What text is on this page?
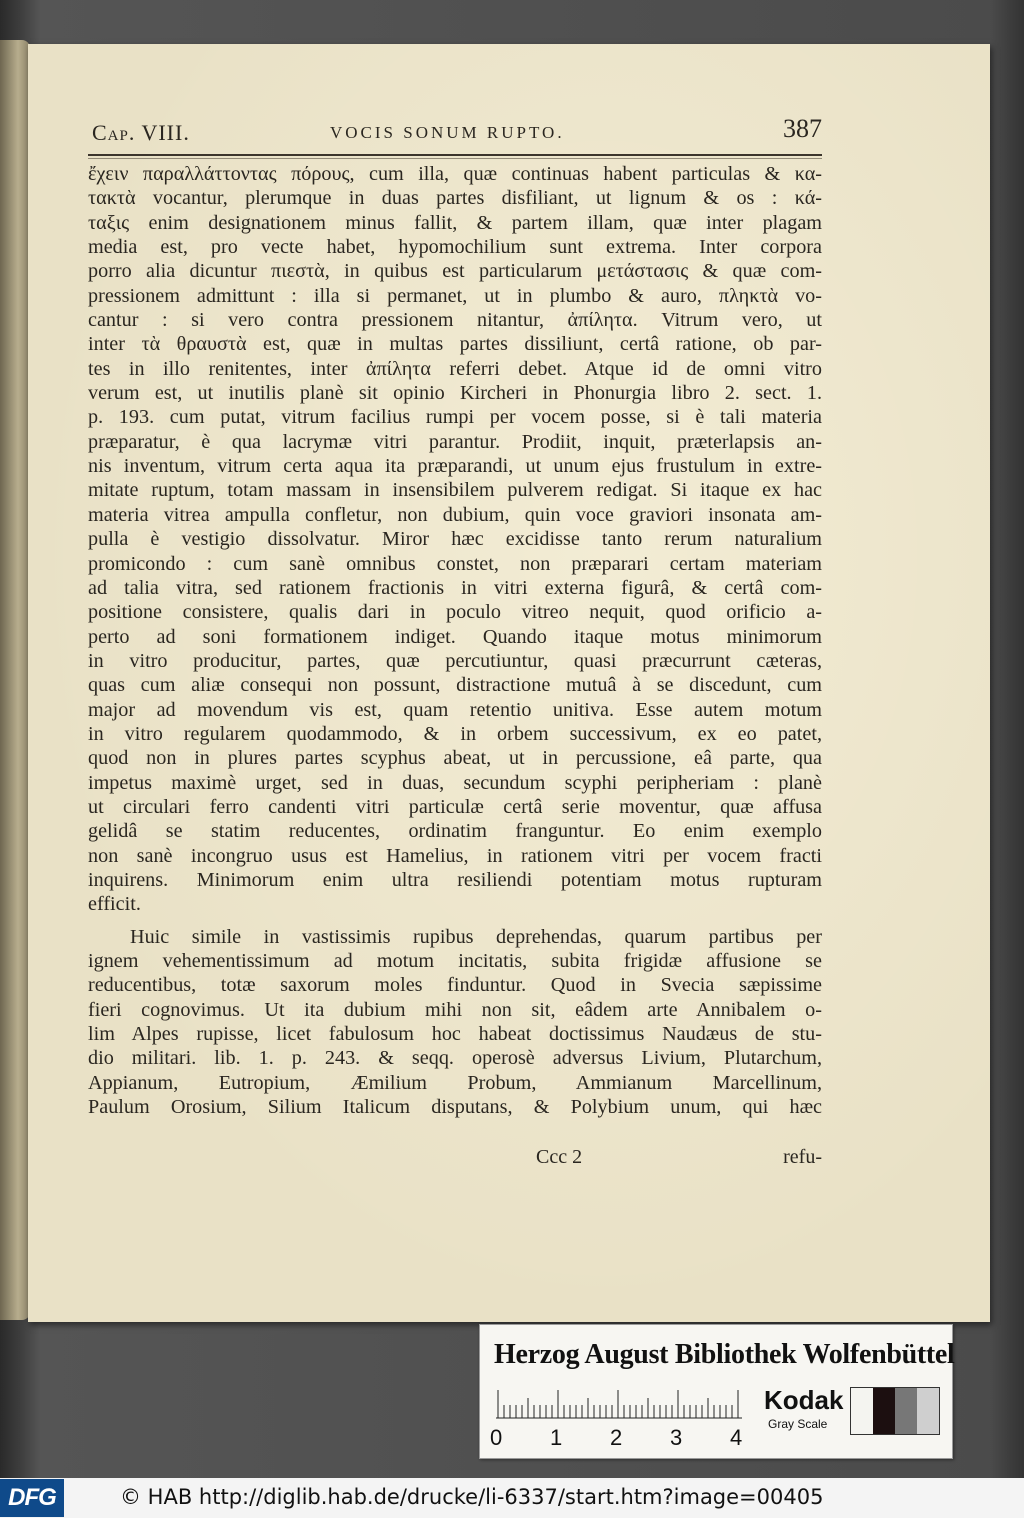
Cap. VIII.	VOCIS SONUM RUPTO.	387
ἔχειν παραλλάττοντας πόρους, cum illa, quæ continuas habent particulas & κα-
τακτὰ vocantur, plerumque in duas partes disfiliant, ut lignum & os : κά-
ταξις enim designationem minus fallit, & partem illam, quæ inter plagam
media est, pro vecte habet, hypomochilium sunt extrema. Inter corpora
porro alia dicuntur πιεστὰ, in quibus est particularum μετάστασις & quæ com-
pressionem admittunt : illa si permanet, ut in plumbo & auro, πληκτὰ vo-
cantur : si vero contra pressionem nitantur, ἀπίλητα. Vitrum vero, ut
inter τὰ θραυστὰ est, quæ in multas partes dissiliunt, certâ ratione, ob par-
tes in illo renitentes, inter ἀπίλητα referri debet. Atque id de omni vitro
verum est, ut inutilis planè sit opinio Kircheri in Phonurgia libro 2. sect. 1.
p. 193. cum putat, vitrum facilius rumpi per vocem posse, si è tali materia
præparatur, è qua lacrymæ vitri parantur. Prodiit, inquit, præterlapsis an-
nis inventum, vitrum certa aqua ita præparandi, ut unum ejus frustulum in extre-
mitate ruptum, totam massam in insensibilem pulverem redigat. Si itaque ex hac
materia vitrea ampulla confletur, non dubium, quin voce graviori insonata am-
pulla è vestigio dissolvatur. Miror hæc excidisse tanto rerum naturalium
promicondo : cum sanè omnibus constet, non præparari certam materiam
ad talia vitra, sed rationem fractionis in vitri externa figurâ, & certâ com-
positione consistere, qualis dari in poculo vitreo nequit, quod orificio a-
perto ad soni formationem indiget. Quando itaque motus minimorum
in vitro producitur, partes, quæ percutiuntur, quasi præcurrunt cæteras,
quas cum aliæ consequi non possunt, distractione mutuâ à se discedunt, cum
major ad movendum vis est, quam retentio unitiva. Esse autem motum
in vitro regularem quodammodo, & in orbem successivum, ex eo patet,
quod non in plures partes scyphus abeat, ut in percussione, eâ parte, qua
impetus maximè urget, sed in duas, secundum scyphi peripheriam : planè
ut circulari ferro candenti vitri particulæ certâ serie moventur, quæ affusa
gelidâ se statim reducentes, ordinatim franguntur. Eo enim exemplo
non sanè incongruo usus est Hamelius, in rationem vitri per vocem fracti
inquirens. Minimorum enim ultra resiliendi potentiam motus rupturam
efficit.
Huic simile in vastissimis rupibus deprehendas, quarum partibus per
ignem vehementissimum ad motum incitatis, subita frigidæ affusione se
reducentibus, totæ saxorum moles finduntur. Quod in Svecia sæpissime
fieri cognovimus. Ut ita dubium mihi non sit, eâdem arte Annibalem o-
lim Alpes rupisse, licet fabulosum hoc habeat doctissimus Naudæus de stu-
dio militari. lib. 1. p. 243. & seqq. operosè adversus Livium, Plutarchum,
Appianum, Eutropium, Æmilium Probum, Ammianum Marcellinum,
Paulum Orosium, Silium Italicum disputans, & Polybium unum, qui hæc
Ccc 2	refu-
Herzog August Bibliothek Wolfenbüttel
0 1 2 3 4
Kodak
Gray Scale
DFG	© HAB http://diglib.hab.de/drucke/li-6337/start.htm?image=00405
